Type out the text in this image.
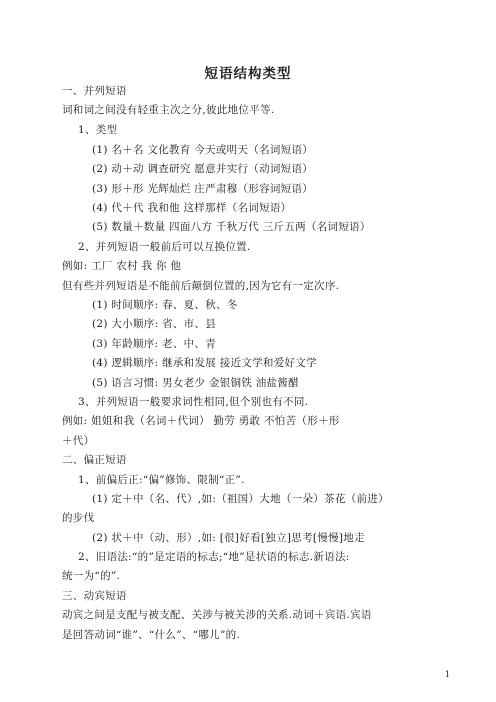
短语结构类型
一、并列短语
词和词之间没有轻重主次之分,彼此地位平等.
1、类型
(1) 名＋名 文化教育 今天或明天（名词短语）
(2) 动＋动 调查研究 愿意并实行（动词短语）
(3) 形＋形 光辉灿烂 庄严肃穆（形容词短语）
(4) 代＋代 我和他 这样那样（名词短语）
(5) 数量＋数量 四面八方 千秋万代 三斤五两（名词短语）
2、并列短语一般前后可以互换位置.
例如: 工厂 农村 我 你 他
但有些并列短语是不能前后颠倒位置的,因为它有一定次序.
(1) 时间顺序: 春、夏、秋、冬
(2) 大小顺序: 省、市、县
(3) 年龄顺序: 老、中、青
(4) 逻辑顺序: 继承和发展 接近文学和爱好文学
(5) 语言习惯: 男女老少 金银铜铁 油盐酱醋
3、并列短语一般要求词性相同,但个别也有不同.
例如: 姐姐和我（名词＋代词） 勤劳 勇敢 不怕苦（形＋形
＋代）
二、偏正短语
1、前偏后正:“偏”修饰、限制“正”.
(1) 定＋中（名、代）,如:（祖国）大地（一朵）茶花（前进）
的步伐
(2) 状＋中（动、形）,如: [很]好看[独立]思考[慢慢]地走
2、旧语法:“的”是定语的标志;“地”是状语的标志.新语法:
统一为“的”.
三、动宾短语
动宾之间是支配与被支配、关涉与被关涉的关系.动词＋宾语.宾语
是回答动词“谁”、“什么”、“哪儿”的.
1
